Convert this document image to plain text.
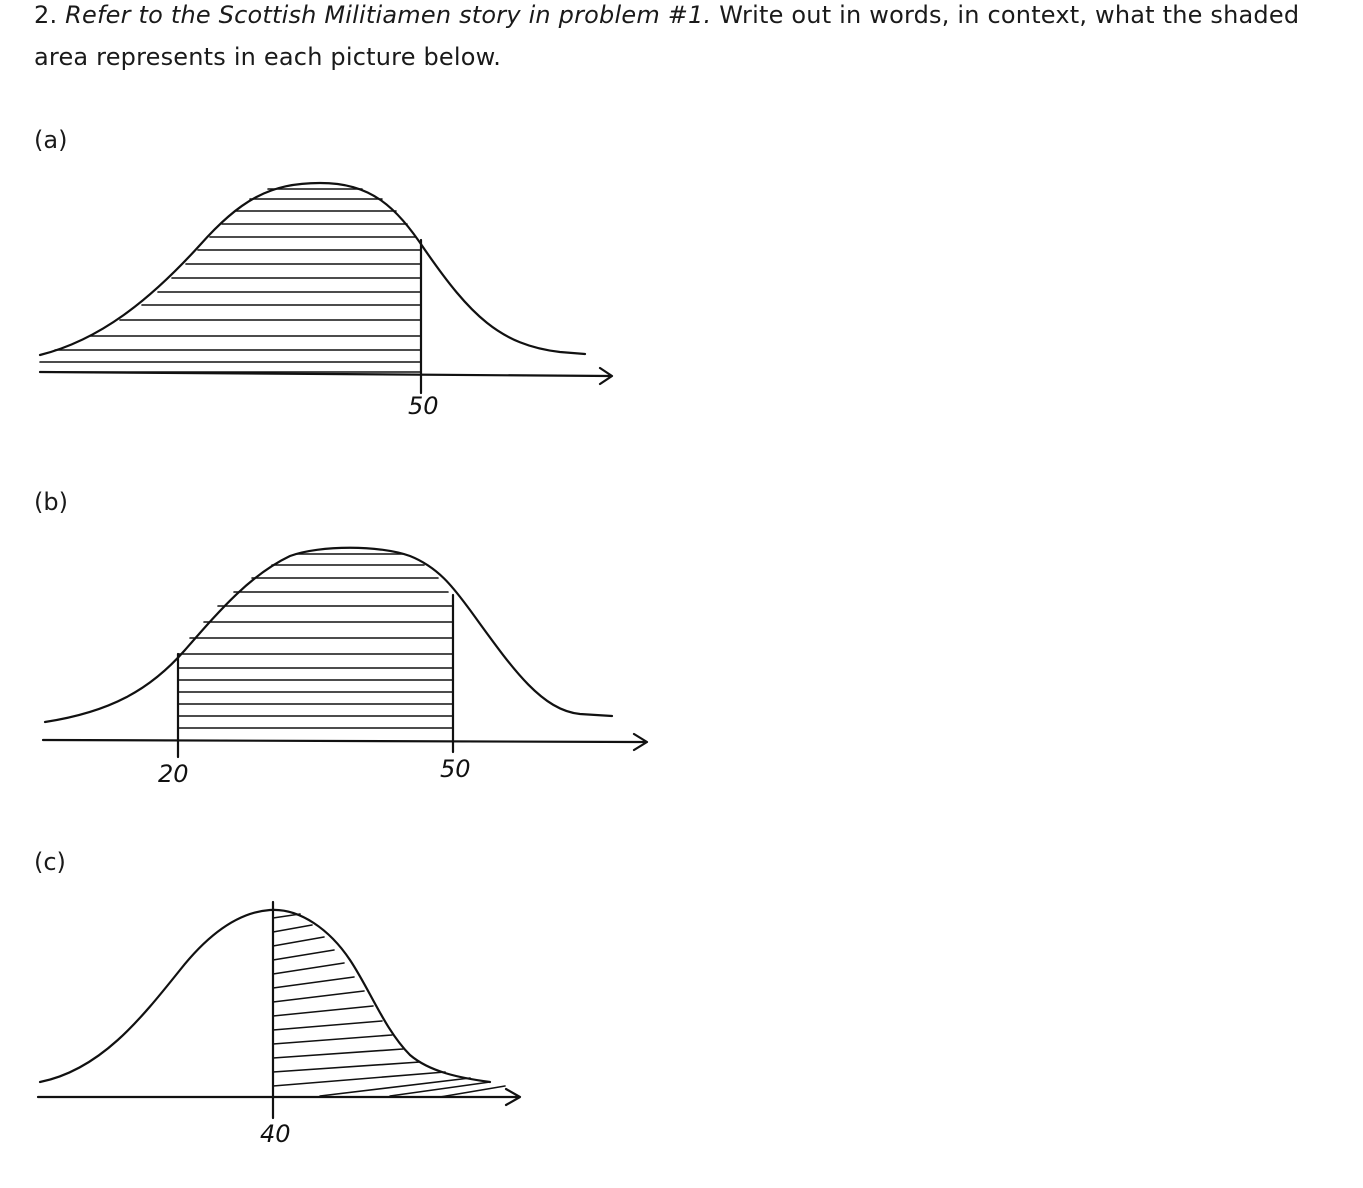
2. Refer to the Scottish Militiamen story in problem #1. Write out in words, in context, what the shaded area represents in each picture below.
(a)
50
(b)
20	50
(c)
40
